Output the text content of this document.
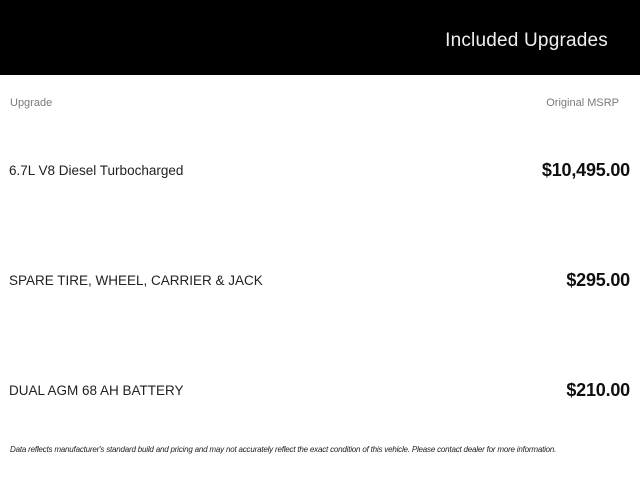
Included Upgrades
Upgrade	Original MSRP
6.7L V8 Diesel Turbocharged	$10,495.00
SPARE TIRE, WHEEL, CARRIER & JACK	$295.00
DUAL AGM 68 AH BATTERY	$210.00

Data reflects manufacturer's standard build and pricing and may not accurately reflect the exact condition of this vehicle. Please contact dealer for more information.
